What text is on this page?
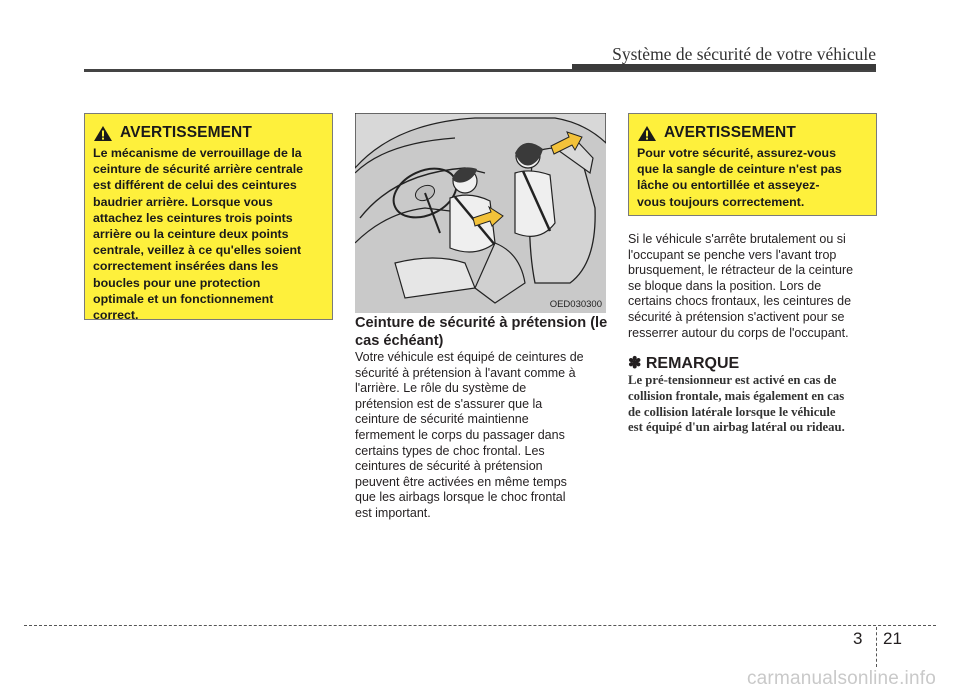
Système de sécurité de votre véhicule
AVERTISSEMENT
Le mécanisme de verrouillage de la
ceinture de sécurité arrière centrale
est différent de celui des ceintures
baudrier arrière. Lorsque vous
attachez les ceintures trois points
arrière ou la ceinture deux points
centrale, veillez à ce qu'elles soient
correctement insérées dans les
boucles pour une protection
optimale et un fonctionnement
correct.
OED030300
Ceinture de sécurité à prétension (le cas échéant)
Votre véhicule est équipé de ceintures de
sécurité à prétension à l'avant comme à
l'arrière. Le rôle du système de
prétension est de s'assurer que la
ceinture de sécurité maintienne
fermement le corps du passager dans
certains types de choc frontal. Les
ceintures de sécurité à prétension
peuvent être activées en même temps
que les airbags lorsque le choc frontal
est important.
AVERTISSEMENT
Pour votre sécurité, assurez-vous
que la sangle de ceinture n'est pas
lâche ou entortillée et asseyez-
vous toujours correctement.
Si le véhicule s'arrête brutalement ou si
l'occupant se penche vers l'avant trop
brusquement, le rétracteur de la ceinture
se bloque dans la position. Lors de
certains chocs frontaux, les ceintures de
sécurité à prétension s'activent pour se
resserrer autour du corps de l'occupant.
✽ REMARQUE
Le pré-tensionneur est activé en cas de
collision frontale, mais également en cas
de collision latérale lorsque le véhicule
est équipé d'un airbag latéral ou rideau.
3 21
carmanualsonline.info
